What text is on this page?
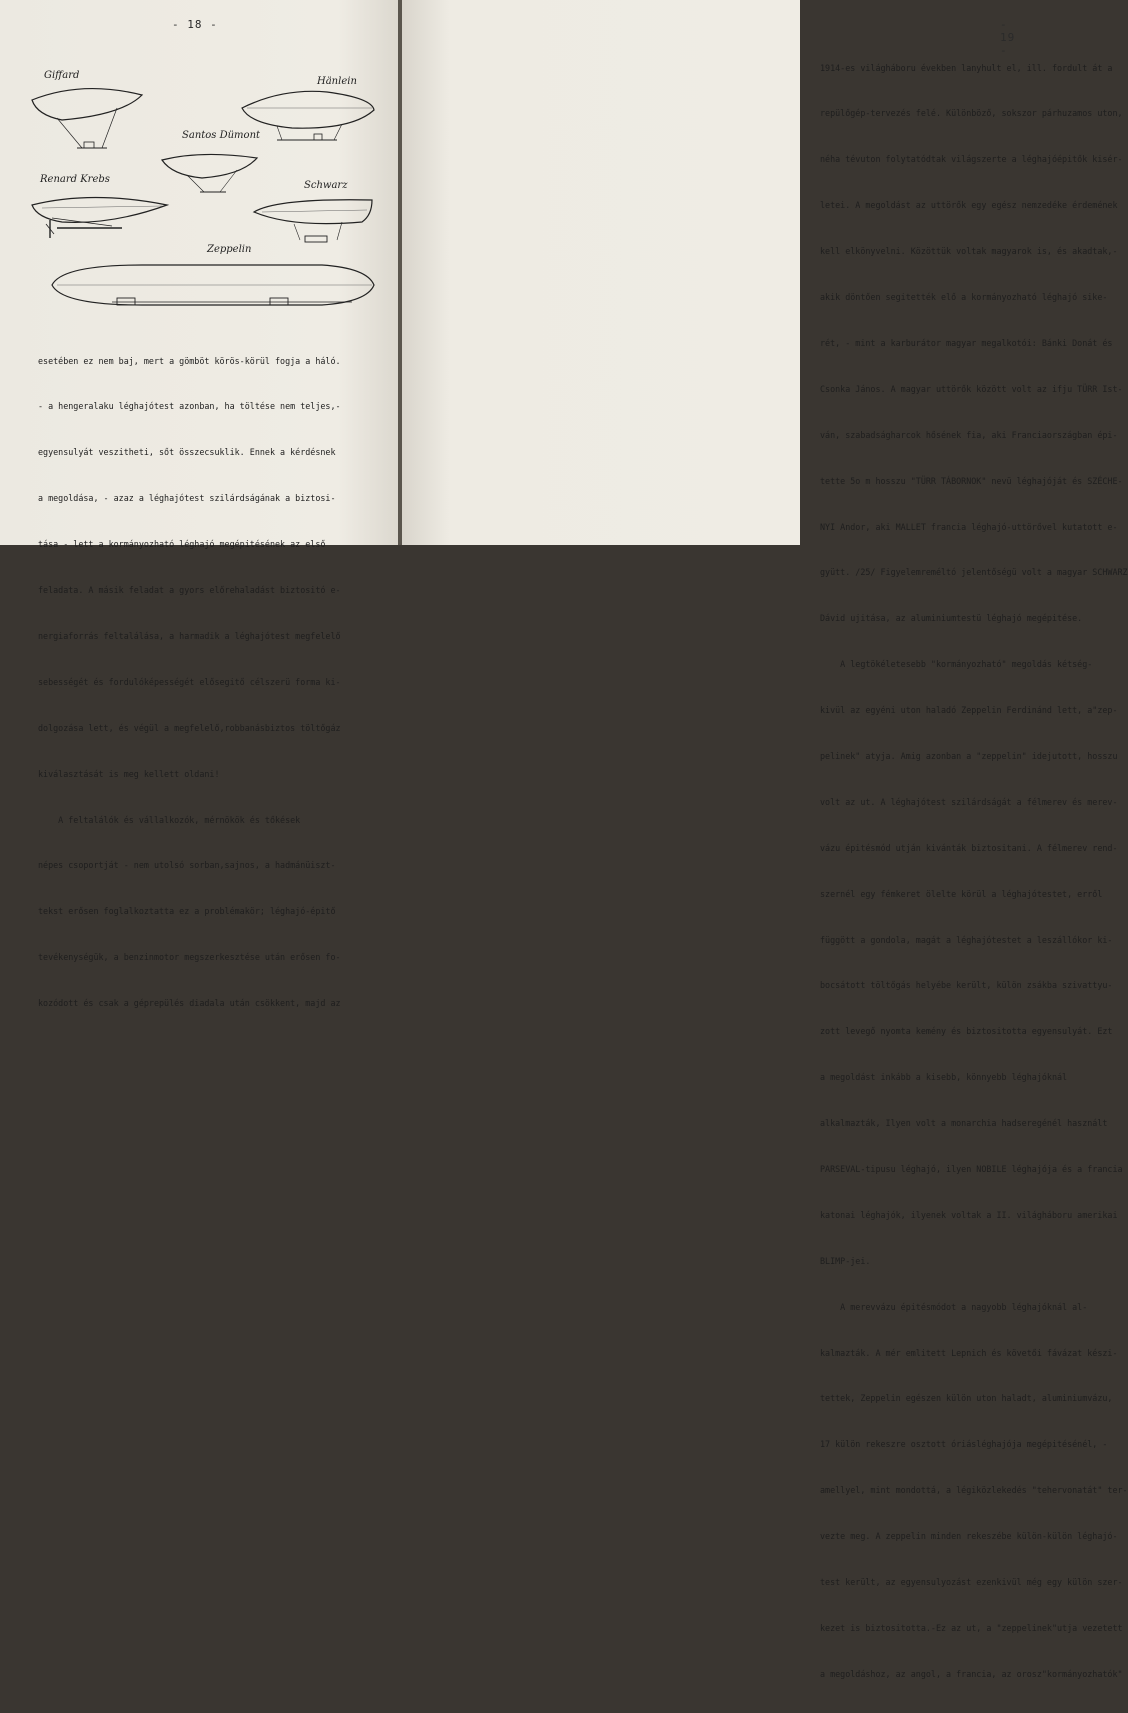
- 18 -
Giffard
Hänlein
Santos Dümont
Renard Krebs
Schwarz
Zeppelin

esetében ez nem baj, mert a gömböt körös-körül fogja a háló.

- a hengeralaku léghajótest azonban, ha töltése nem teljes,-

egyensulyát veszitheti, sőt összecsuklik. Ennek a kérdésnek

a megoldása, - azaz a léghajótest szilárdságának a biztosi-

tása - lett a kormányozható léghajó megépitésének az első

feladata. A másik feladat a gyors előrehaladást biztositó e-

nergiaforrás feltalálása, a harmadik a léghajótest megfelelő

sebességét és fordulóképességét elősegitő célszerü forma ki-

dolgozása lett, és végül a megfelelő,robbanásbiztos töltőgáz

kiválasztását is meg kellett oldani!

A feltalálók és vállalkozók, mérnökök és tőkések

népes csoportját - nem utolsó sorban,sajnos, a hadmánüiszt-

tekst erősen foglalkoztatta ez a problémakör; léghajó-épitő

tevékenységük, a benzinmotor megszerkesztése után erősen fo-

kozódott és csak a géprepülés diadala után csökkent, majd az

- 19 -

1914-es világháboru években lanyhult el, ill. fordult át a

repülőgép-tervezés felé. Különböző, sokszor párhuzamos uton,

néha tévuton folytatódtak világszerte a léghajóépitők kisér-

letei. A megoldást az uttörők egy egész nemzedéke érdemének

kell elkönyvelni. Közöttük voltak magyarok is, és akadtak,-

akik döntően segitették elő a kormányozható léghajó sike-

rét, - mint a karburátor magyar megalkotói: Bánki Donát és

Csonka János. A magyar uttörők között volt az ifju TÜRR Ist-

ván, szabadságharcok hősének fia, aki Franciaországban épi-

tette 5o m hosszu "TÜRR TÁBORNOK" nevü léghajóját és SZÉCHE-

NYI Andor, aki MALLET francia léghajó-uttörővel kutatott e-

gyütt. /25/ Figyelemreméltó jelentőségü volt a magyar SCHWARZ

Dávid ujitása, az aluminiumtestü léghajó megépitése.

A legtökéletesebb "kormányozható" megoldás kétség-

kivül az egyéni uton haladó Zeppelin Ferdinánd lett, a"zep-

pelinek" atyja. Amig azonban a "zeppelin" idejutott, hosszu

volt az ut. A léghajótest szilárdságát a félmerev és merev-

vázu épitésmód utján kivánták biztositani. A félmerev rend-

szernél egy fémkeret ölelte körül a léghajótestet, erről

függött a gondola, magát a léghajótestet a leszállókor ki-

bocsátott töltőgás helyébe került, külön zsákba szivattyu-

zott levegő nyomta kemény és biztositotta egyensulyát. Ezt

a megoldást inkább a kisebb, könnyebb léghajóknál

alkalmazták, Ilyen volt a monarchia hadseregénél használt

PARSEVAL-tipusu léghajó, ilyen NOBILE léghajója és a francia

katonai léghajók, ilyenek voltak a II. világháboru amerikai

BLIMP-jei.

A merevvázu épitésmódot a nagyobb léghajóknál al-

kalmazták. A mér emlitett Lepnich és követői fávázat készi-

tettek, Zeppelin egészen külön uton haladt, aluminiumvázu,

17 külön rekeszre osztott óriásléghajója megépitésénél, -

amellyel, mint mondottá, a légiközlekedés "tehervonatát" ter-

vezte meg. A zeppelin minden rekeszébe külön-külön léghajó-

test került, az egyensulyozást ezenkivül még egy külön szer-

kezet is biztositotta.-Ez az ut, a "zeppelinek"utja vezetett

a megoldáshoz, az angol, a francia, az orosz"kormányozhatók"
